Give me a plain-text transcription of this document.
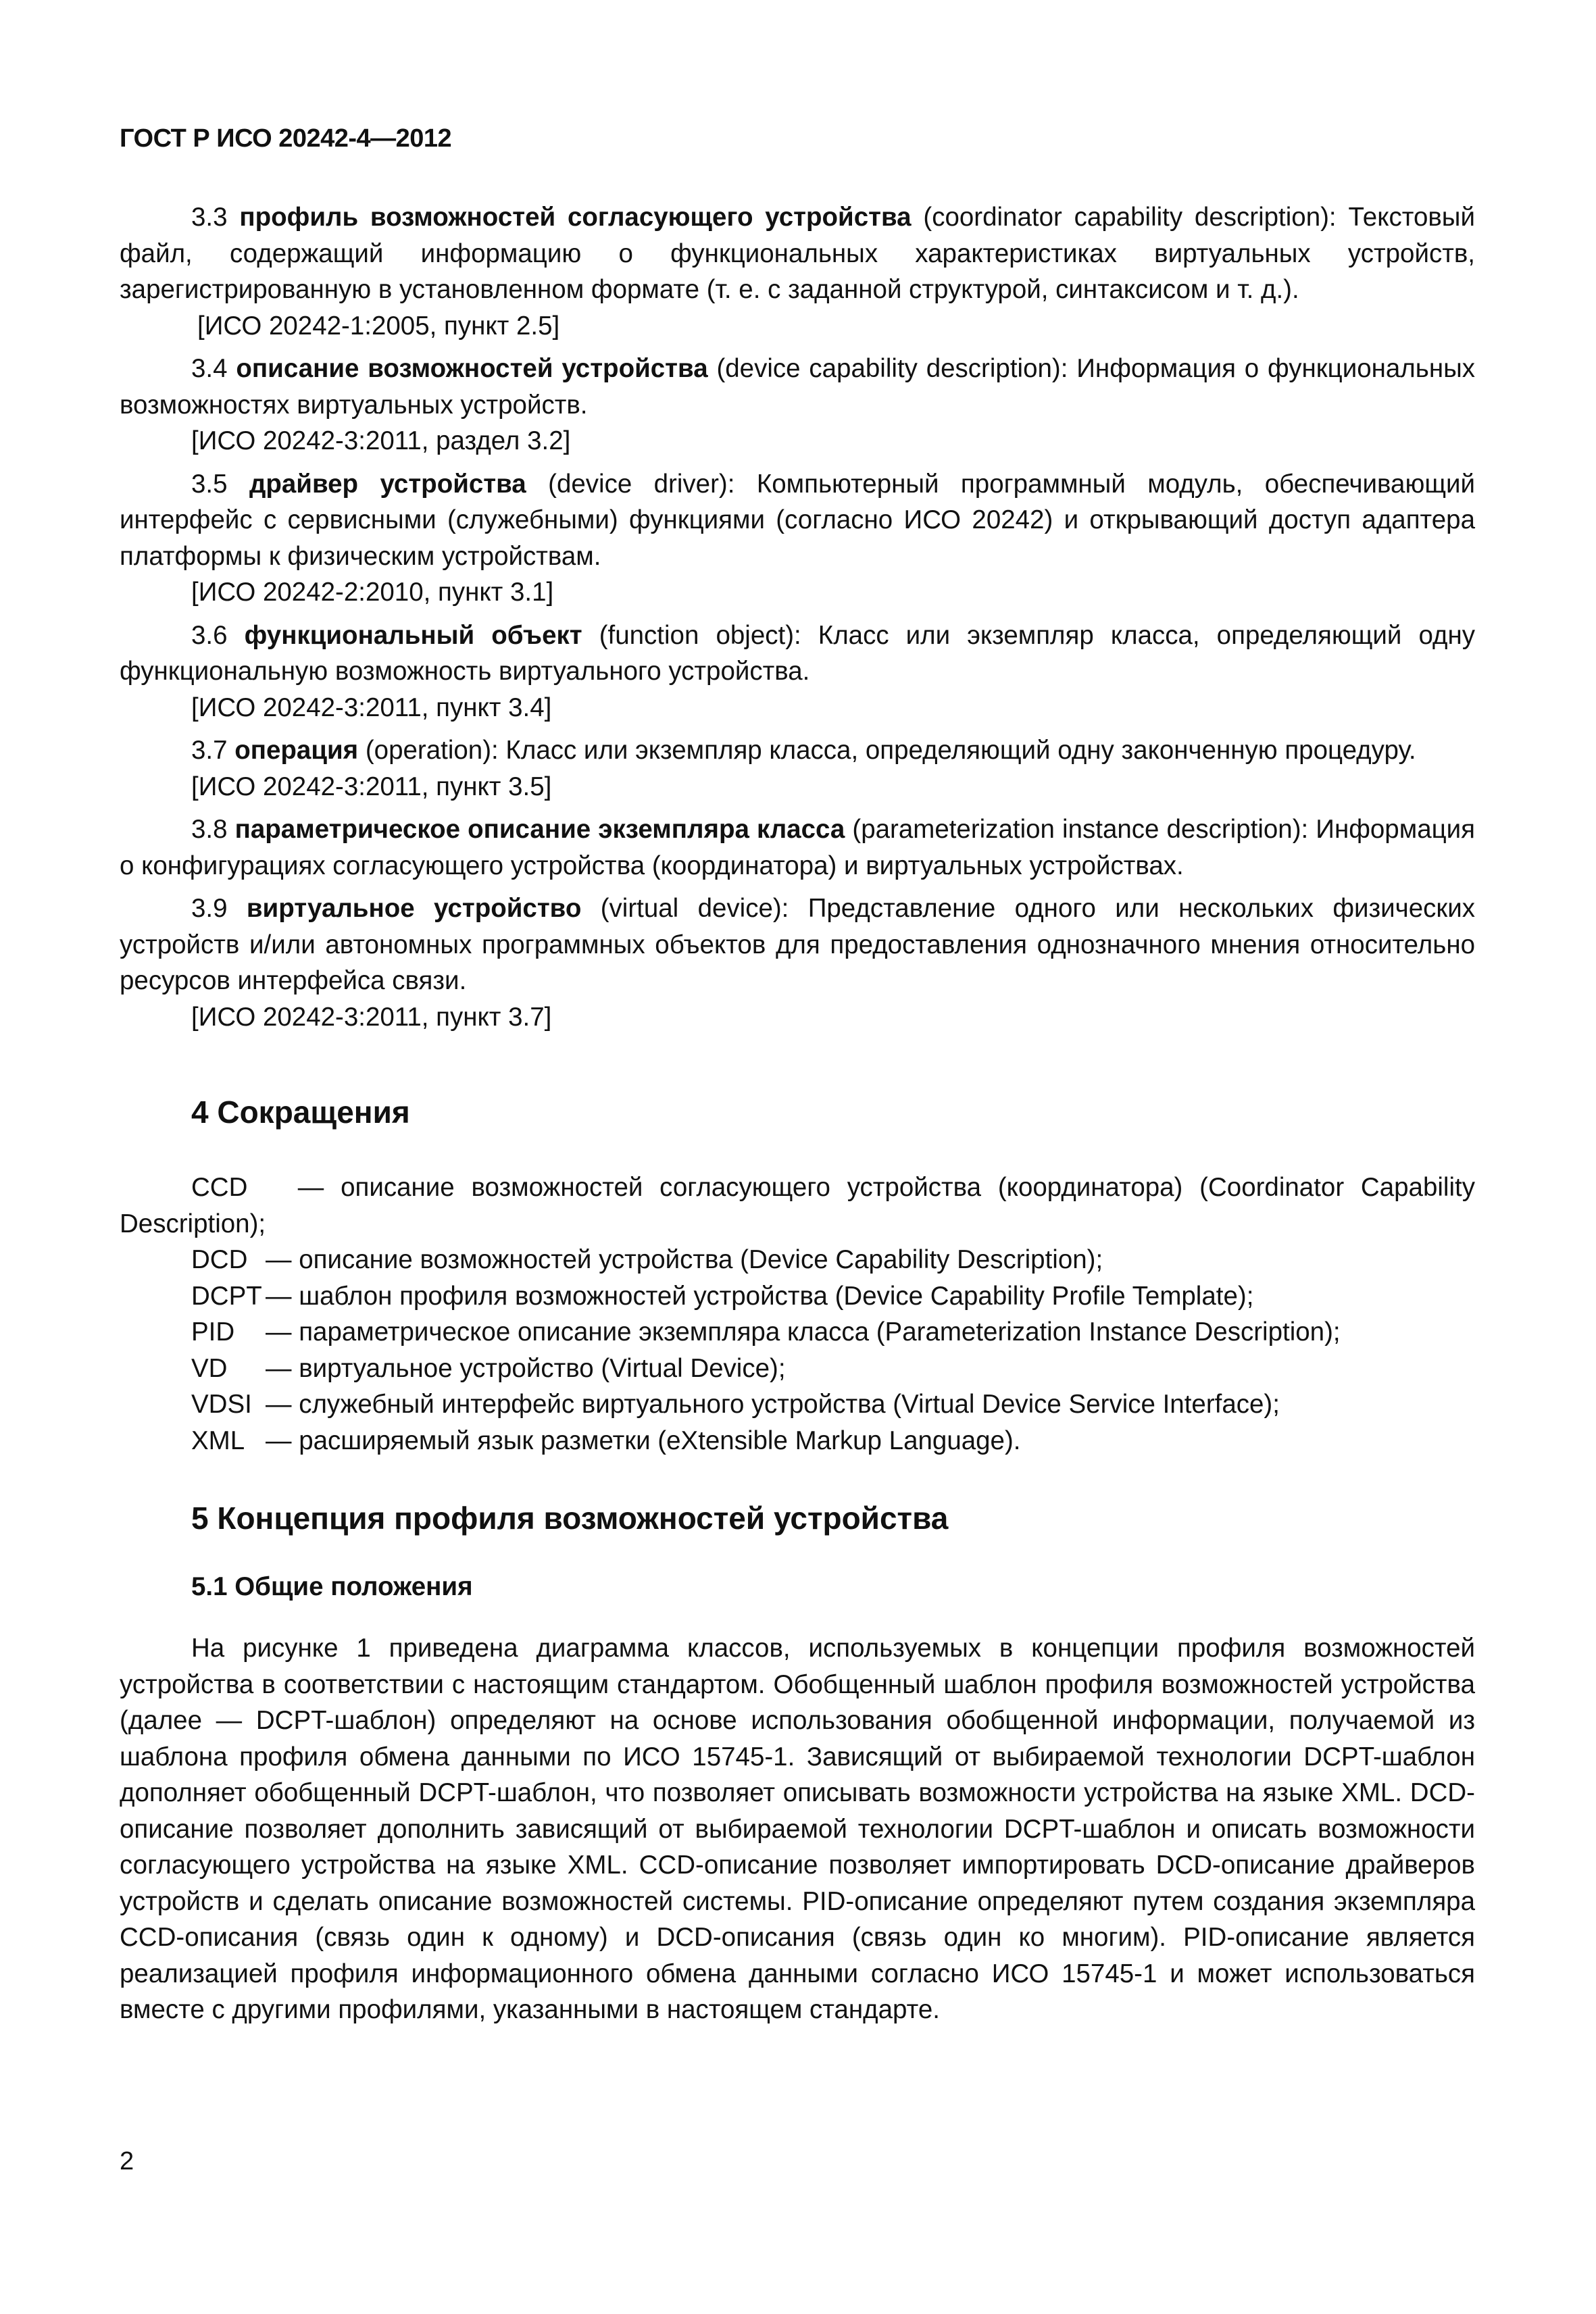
ГОСТ Р ИСО 20242-4—2012

3.3 профиль возможностей согласующего устройства (coordinator capability description): Текстовый файл, содержащий информацию о функциональных характеристиках виртуальных устройств, зарегистрированную в установленном формате (т. е. с заданной структурой, синтаксисом и т. д.).

[ИСО 20242-1:2005, пункт 2.5]

3.4 описание возможностей устройства (device capability description): Информация о функциональных возможностях виртуальных устройств.

[ИСО 20242-3:2011, раздел 3.2]

3.5 драйвер устройства (device driver): Компьютерный программный модуль, обеспечивающий интерфейс с сервисными (служебными) функциями (согласно ИСО 20242) и открывающий доступ адаптера платформы к физическим устройствам.

[ИСО 20242-2:2010, пункт 3.1]

3.6 функциональный объект (function object): Класс или экземпляр класса, определяющий одну функциональную возможность виртуального устройства.

[ИСО 20242-3:2011, пункт 3.4]

3.7 операция (operation): Класс или экземпляр класса, определяющий одну законченную процедуру.

[ИСО 20242-3:2011, пункт 3.5]

3.8 параметрическое описание экземпляра класса (parameterization instance description): Информация о конфигурациях согласующего устройства (координатора) и виртуальных устройствах.

3.9 виртуальное устройство (virtual device): Представление одного или нескольких физических устройств и/или автономных программных объектов для предоставления однозначного мнения относительно ресурсов интерфейса связи.

[ИСО 20242-3:2011, пункт 3.7]

4 Сокращения

CCD — описание возможностей согласующего устройства (координатора) (Coordinator Capability Description);

DCD — описание возможностей устройства (Device Capability Description);
DCPT — шаблон профиля возможностей устройства (Device Capability Profile Template);
PID	— параметрическое описание экземпляра класса (Parameterization Instance Description);
VD	— виртуальное устройство (Virtual Device);
VDSI — служебный интерфейс виртуального устройства (Virtual Device Service Interface);
XML — расширяемый язык разметки (eXtensible Markup Language).
5 Концепция профиля возможностей устройства
5.1 Общие положения

На рисунке 1 приведена диаграмма классов, используемых в концепции профиля возможностей устройства в соответствии с настоящим стандартом. Обобщенный шаблон профиля возможностей устройства (далее — DCPT-шаблон) определяют на основе использования обобщенной информации, получаемой из шаблона профиля обмена данными по ИСО 15745-1. Зависящий от выбираемой технологии DCPT-шаблон дополняет обобщенный DCPT-шаблон, что позволяет описывать возможности устройства на языке XML. DCD-описание позволяет дополнить зависящий от выбираемой технологии DCPT-шаблон и описать возможности согласующего устройства на языке XML. CCD-описание позволяет импортировать DCD-описание драйверов устройств и сделать описание возможностей системы. PID-описание определяют путем создания экземпляра CCD-описания (связь один к одному) и DCD-описания (связь один ко многим). PID-описание является реализацией профиля информационного обмена данными согласно ИСО 15745-1 и может использоваться вместе с другими профилями, указанными в настоящем стандарте.

2
